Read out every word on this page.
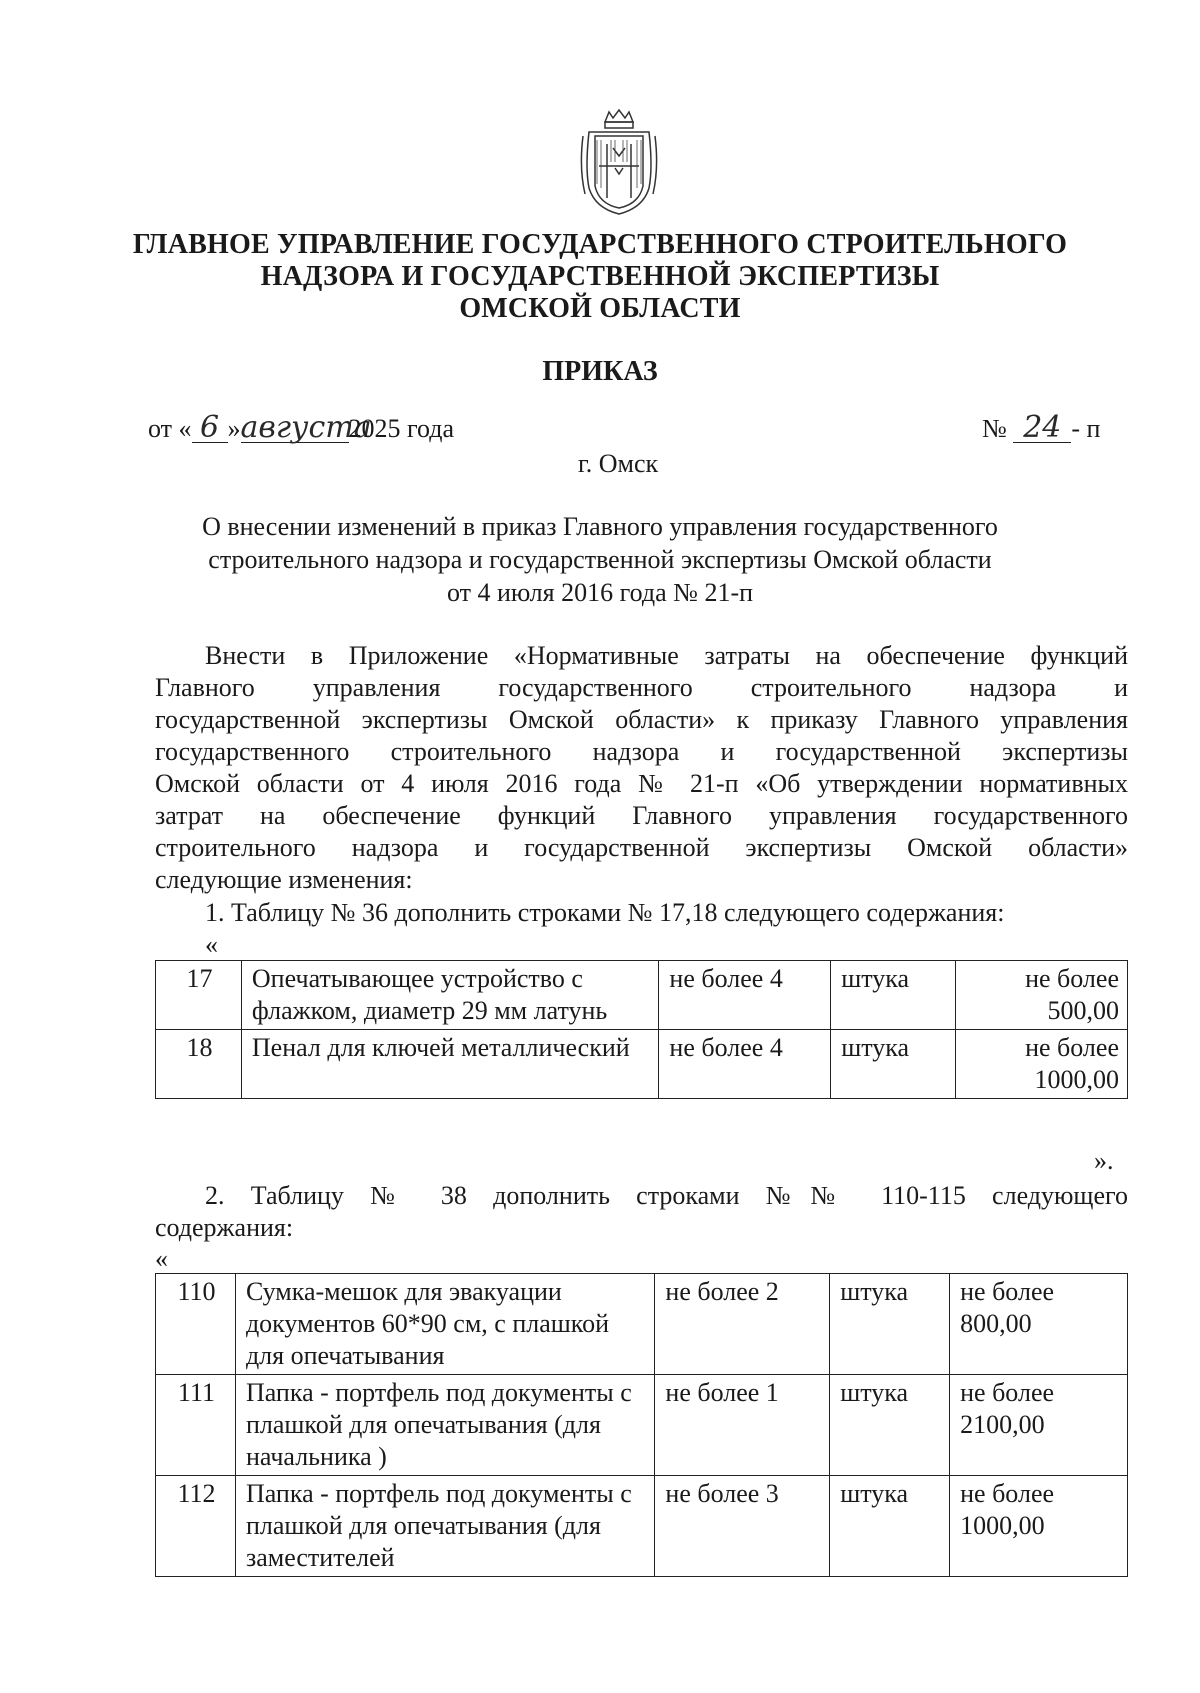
ГЛАВНОЕ УПРАВЛЕНИЕ ГОСУДАРСТВЕННОГО СТРОИТЕЛЬНОГО
НАДЗОРА И ГОСУДАРСТВЕННОЙ ЭКСПЕРТИЗЫ
ОМСКОЙ ОБЛАСТИ
ПРИКАЗ
от « 6 »августа2025 года	№ 24 - п
г. Омск
О внесении изменений в приказ Главного управления государственного
строительного надзора и государственной экспертизы Омской области
от 4 июля 2016 года № 21-п
Внести в Приложение «Нормативные затраты на обеспечение функций
Главного управления государственного строительного надзора и
государственной экспертизы Омской области» к приказу Главного управления
государственного строительного надзора и государственной экспертизы
Омской области от 4 июля 2016 года № 21-п «Об утверждении нормативных
затрат на обеспечение функций Главного управления государственного
строительного надзора и государственной экспертизы Омской области»
следующие изменения:
1. Таблицу № 36 дополнить строками № 17,18 следующего содержания:
«
17	Опечатывающее устройство с флажком, диаметр 29 мм латунь	не более 4	штука	не более
500,00

18	Пенал для ключей металлический	не более 4	штука	не более
1000,00
».
2. Таблицу № 38 дополнить строками №№ 110-115 следующего
содержания:
«
110	Сумка-мешок для эвакуации документов 60*90 см, с плашкой для опечатывания	не более 2	штука	не более
800,00

111	Папка - портфель под документы с плашкой для опечатывания (для начальника )	не более 1	штука	не более
2100,00

112	Папка - портфель под документы с плашкой для опечатывания (для заместителей	не более 3	штука	не более
1000,00
